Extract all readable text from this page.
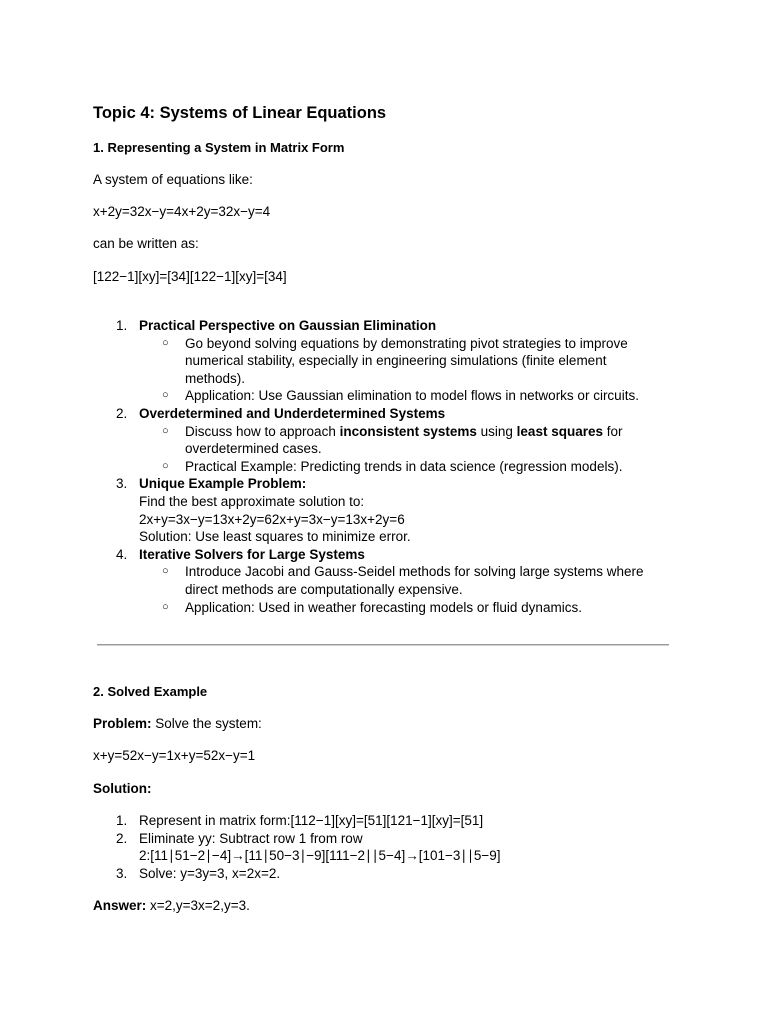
Topic 4: Systems of Linear Equations
1. Representing a System in Matrix Form

A system of equations like:

x+2y=32x−y=4x+2y=32x−y=4

can be written as:

[122−1][xy]=[34][122−1][xy]=[34]

1. Practical Perspective on Gaussian Elimination
○ Go beyond solving equations by demonstrating pivot strategies to improve
numerical stability, especially in engineering simulations (finite element
methods).
○ Application: Use Gaussian elimination to model flows in networks or circuits.
2. Overdetermined and Underdetermined Systems
○ Discuss how to approach inconsistent systems using least squares for
overdetermined cases.
○ Practical Example: Predicting trends in data science (regression models).
3. Unique Example Problem:
Find the best approximate solution to:
2x+y=3x−y=13x+2y=62x+y=3x−y=13x+2y=6
Solution: Use least squares to minimize error.
4. Iterative Solvers for Large Systems
○ Introduce Jacobi and Gauss-Seidel methods for solving large systems where
direct methods are computationally expensive.
○ Application: Used in weather forecasting models or fluid dynamics.
2. Solved Example

Problem: Solve the system:

x+y=52x−y=1x+y=52x−y=1

Solution:

1. Represent in matrix form:[112−1][xy]=[51][121−1][xy]=[51]
2. Eliminate yy: Subtract row 1 from row
2:[11∣51−2∣−4]→[11∣50−3∣−9][111−2∣∣5−4]→[101−3∣∣5−9]
3. Solve: y=3y=3, x=2x=2.

Answer: x=2,y=3x=2,y=3.
